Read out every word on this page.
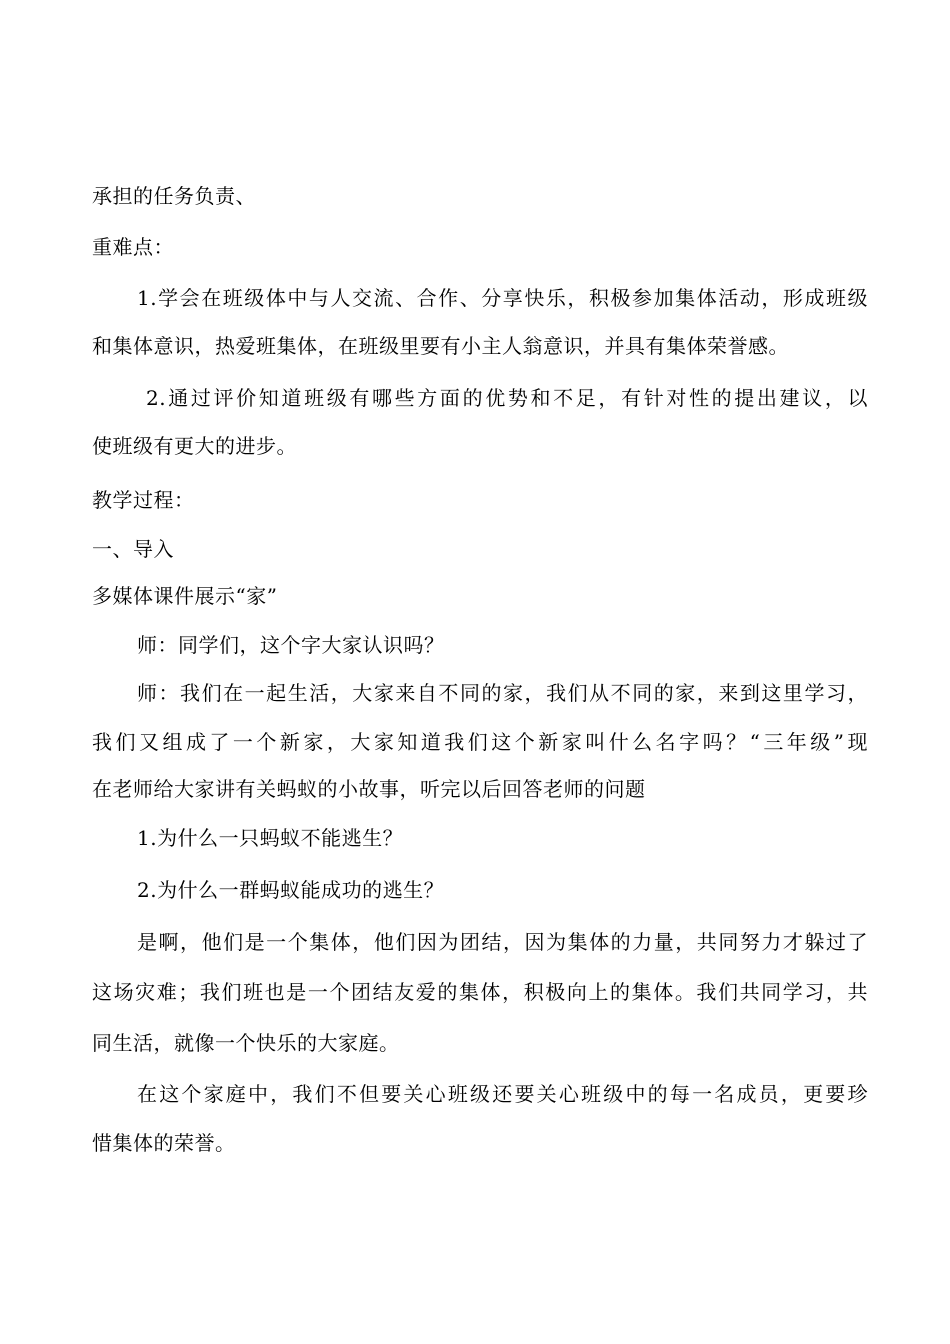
承担的任务负责、
重难点：
1.学会在班级体中与人交流、合作、分享快乐，积极参加集体活动，形成班级
和集体意识，热爱班集体，在班级里要有小主人翁意识，并具有集体荣誉感。
2.通过评价知道班级有哪些方面的优势和不足，有针对性的提出建议，以
使班级有更大的进步。
教学过程：
一、导入
多媒体课件展示“家”
师：同学们，这个字大家认识吗？
师：我们在一起生活，大家来自不同的家，我们从不同的家，来到这里学习，
我们又组成了一个新家，大家知道我们这个新家叫什么名字吗？“三年级”现
在老师给大家讲有关蚂蚁的小故事，听完以后回答老师的问题
1.为什么一只蚂蚁不能逃生？
2.为什么一群蚂蚁能成功的逃生？
是啊，他们是一个集体，他们因为团结，因为集体的力量，共同努力才躲过了
这场灾难；我们班也是一个团结友爱的集体，积极向上的集体。我们共同学习，共
同生活，就像一个快乐的大家庭。
在这个家庭中，我们不但要关心班级还要关心班级中的每一名成员，更要珍
惜集体的荣誉。
